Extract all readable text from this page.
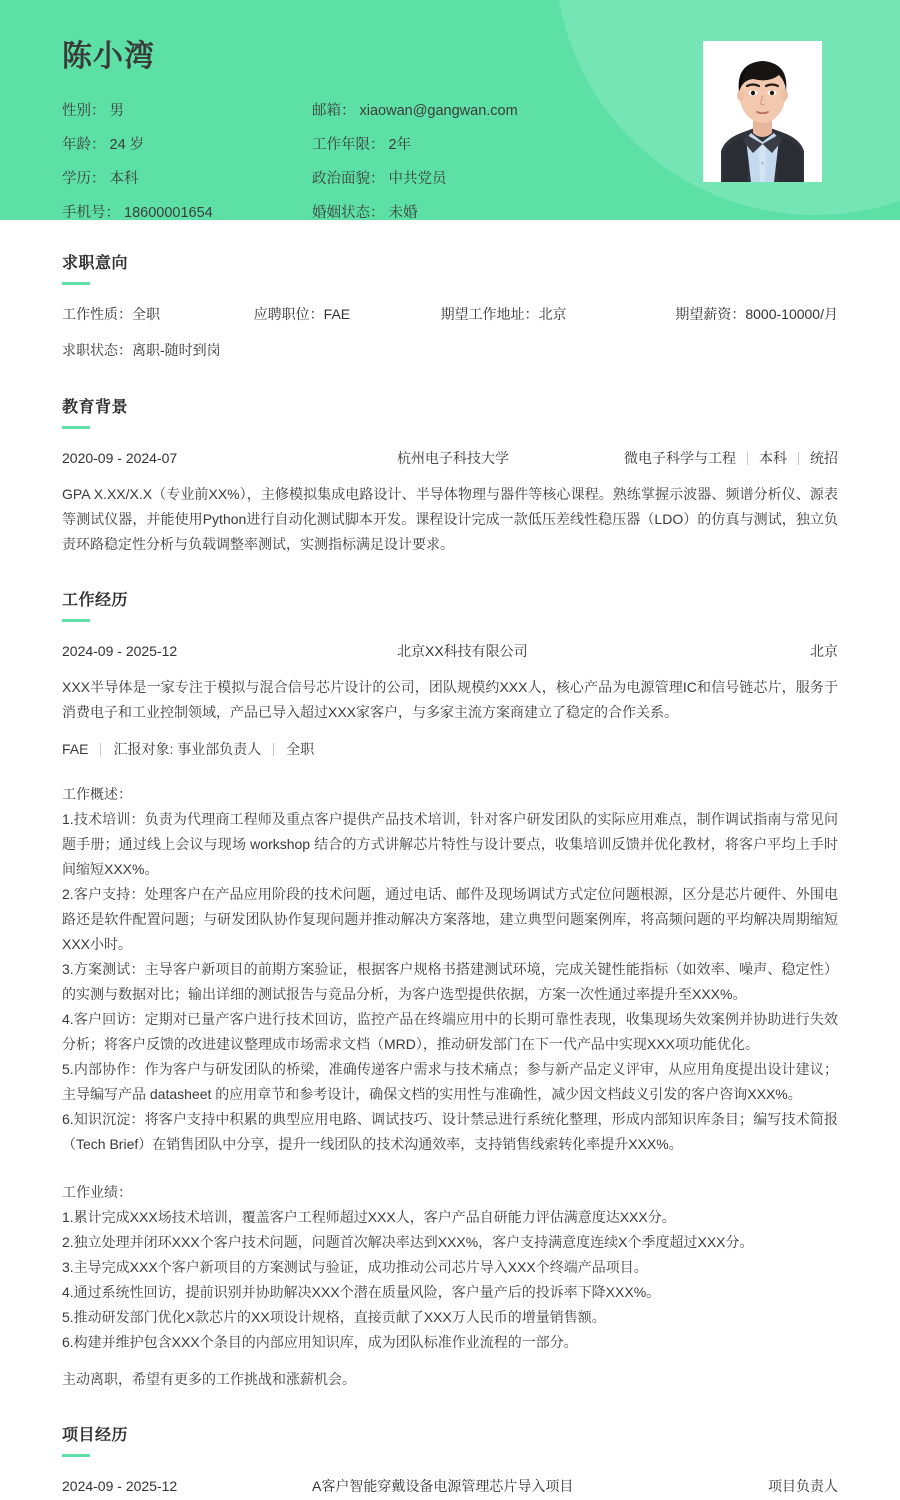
陈小湾
性别： 男	邮箱： xiaowan@gangwan.com
年龄： 24 岁	工作年限： 2年
学历： 本科	政治面貌： 中共党员
手机号： 18600001654	婚姻状态： 未婚
求职意向
工作性质：全职	应聘职位：FAE	期望工作地址：北京	期望薪资：8000-10000/月
求职状态：离职-随时到岗
教育背景
2020-09 - 2024-07	杭州电子科技大学	微电子科学与工程 本科 统招
GPA X.XX/X.X（专业前XX%），主修模拟集成电路设计、半导体物理与器件等核心课程。熟练掌握示波器、频谱分析仪、源表等测试仪器，并能使用Python进行自动化测试脚本开发。课程设计完成一款低压差线性稳压器（LDO）的仿真与测试，独立负责环路稳定性分析与负载调整率测试，实测指标满足设计要求。
工作经历
2024-09 - 2025-12	北京XX科技有限公司	北京
XXX半导体是一家专注于模拟与混合信号芯片设计的公司，团队规模约XXX人，核心产品为电源管理IC和信号链芯片，服务于消费电子和工业控制领域，产品已导入超过XXX家客户，与多家主流方案商建立了稳定的合作关系。
FAE 汇报对象: 事业部负责人 全职
工作概述：
1.技术培训：负责为代理商工程师及重点客户提供产品技术培训，针对客户研发团队的实际应用难点，制作调试指南与常见问题手册；通过线上会议与现场 workshop 结合的方式讲解芯片特性与设计要点，收集培训反馈并优化教材，将客户平均上手时间缩短XXX%。
2.客户支持：处理客户在产品应用阶段的技术问题，通过电话、邮件及现场调试方式定位问题根源，区分是芯片硬件、外围电路还是软件配置问题；与研发团队协作复现问题并推动解决方案落地，建立典型问题案例库，将高频问题的平均解决周期缩短XXX小时。
3.方案测试：主导客户新项目的前期方案验证，根据客户规格书搭建测试环境，完成关键性能指标（如效率、噪声、稳定性）的实测与数据对比；输出详细的测试报告与竞品分析，为客户选型提供依据，方案一次性通过率提升至XXX%。
4.客户回访：定期对已量产客户进行技术回访，监控产品在终端应用中的长期可靠性表现，收集现场失效案例并协助进行失效分析；将客户反馈的改进建议整理成市场需求文档（MRD），推动研发部门在下一代产品中实现XXX项功能优化。
5.内部协作：作为客户与研发团队的桥梁，准确传递客户需求与技术痛点；参与新产品定义评审，从应用角度提出设计建议；主导编写产品 datasheet 的应用章节和参考设计，确保文档的实用性与准确性，减少因文档歧义引发的客户咨询XXX%。
6.知识沉淀：将客户支持中积累的典型应用电路、调试技巧、设计禁忌进行系统化整理，形成内部知识库条目；编写技术简报（Tech Brief）在销售团队中分享，提升一线团队的技术沟通效率，支持销售线索转化率提升XXX%。
工作业绩：
1.累计完成XXX场技术培训，覆盖客户工程师超过XXX人，客户产品自研能力评估满意度达XXX分。
2.独立处理并闭环XXX个客户技术问题，问题首次解决率达到XXX%，客户支持满意度连续X个季度超过XXX分。
3.主导完成XXX个客户新项目的方案测试与验证，成功推动公司芯片导入XXX个终端产品项目。
4.通过系统性回访，提前识别并协助解决XXX个潜在质量风险，客户量产后的投诉率下降XXX%。
5.推动研发部门优化X款芯片的XX项设计规格，直接贡献了XXX万人民币的增量销售额。
6.构建并维护包含XXX个条目的内部应用知识库，成为团队标准作业流程的一部分。
主动离职，希望有更多的工作挑战和涨薪机会。
项目经历
2024-09 - 2025-12	A客户智能穿戴设备电源管理芯片导入项目	项目负责人
